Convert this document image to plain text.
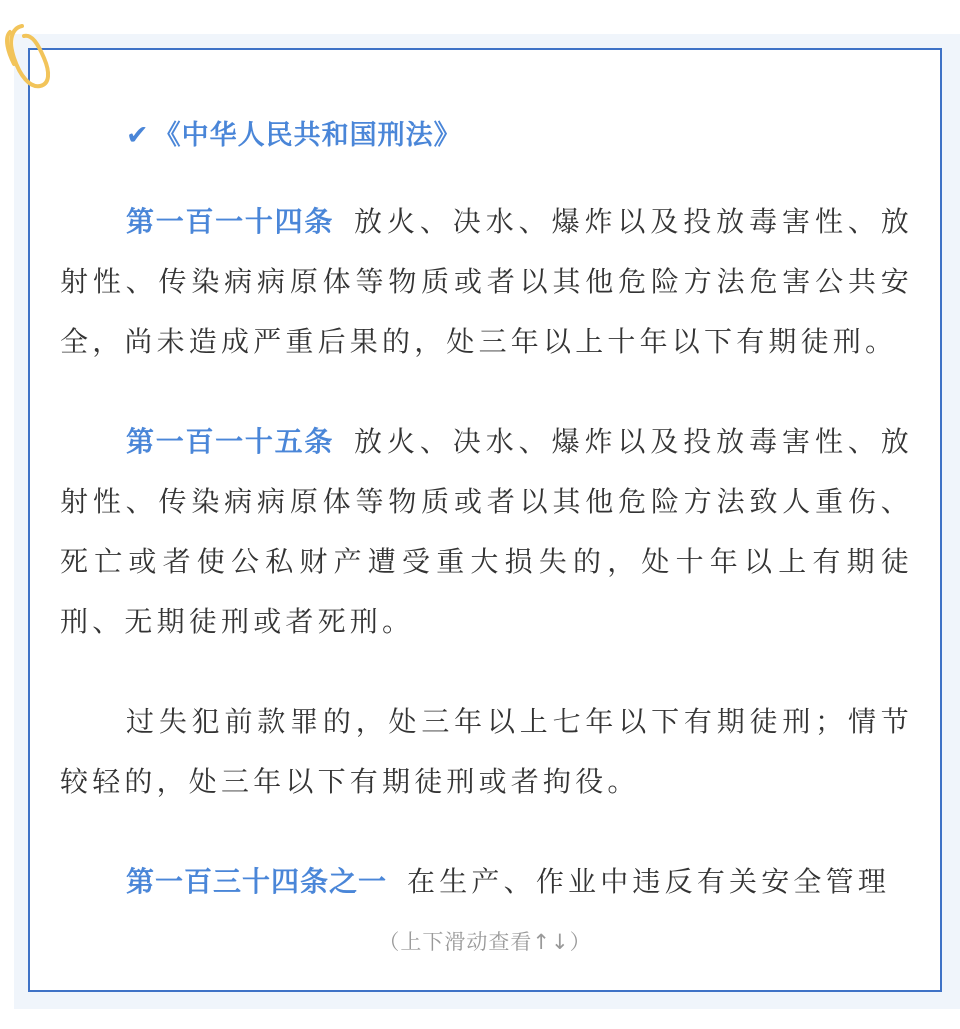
✔ 《中华人民共和国刑法》

第一百一十四条 放火、决水、爆炸以及投放毒害性、放射性、传染病病原体等物质或者以其他危险方法危害公共安全，尚未造成严重后果的，处三年以上十年以下有期徒刑。

第一百一十五条 放火、决水、爆炸以及投放毒害性、放射性、传染病病原体等物质或者以其他危险方法致人重伤、死亡或者使公私财产遭受重大损失的，处十年以上有期徒刑、无期徒刑或者死刑。

过失犯前款罪的，处三年以上七年以下有期徒刑；情节较轻的，处三年以下有期徒刑或者拘役。

第一百三十四条之一 在生产、作业中违反有关安全管理

（上下滑动查看↑↓）
